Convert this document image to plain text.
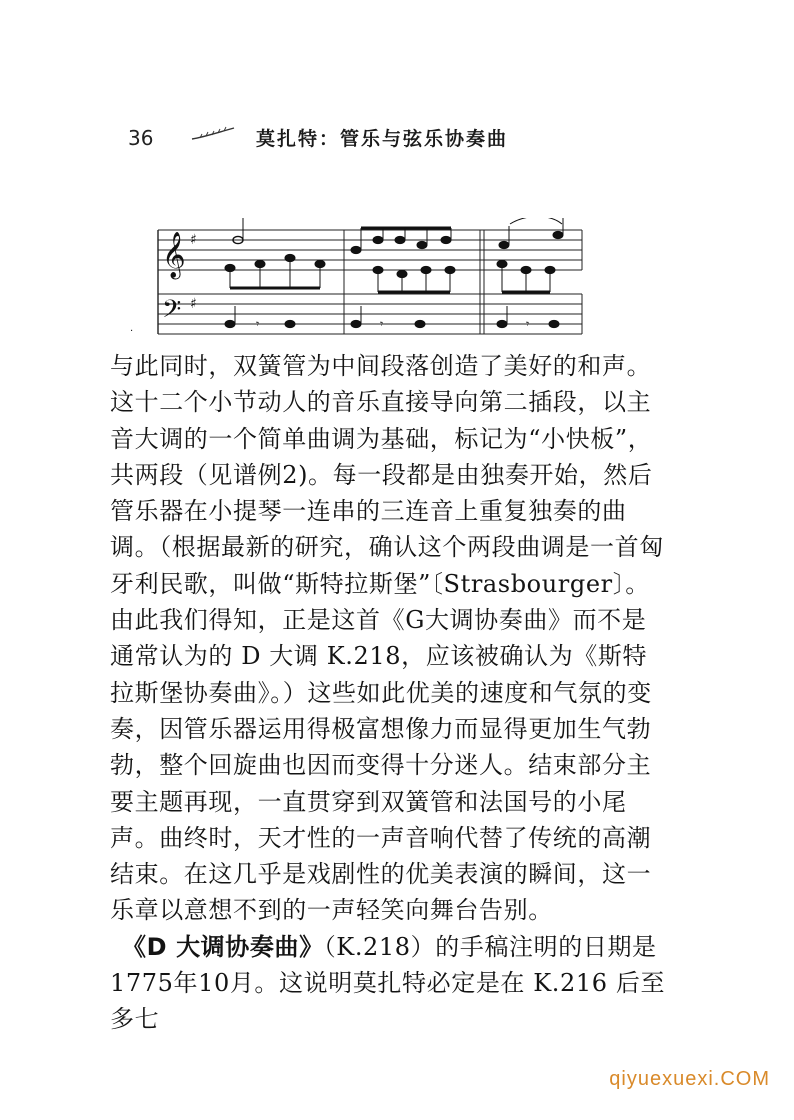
36	莫扎特：管乐与弦乐协奏曲
𝄞
𝄢
♯
♯
𝄾	𝄾	𝄾
·

与此同时，双簧管为中间段落创造了美好的和声。这十二个小节动人的音乐直接导向第二插段，以主音大调的一个简单曲调为基础，标记为“小快板”，共两段（见谱例2)。每一段都是由独奏开始，然后管乐器在小提琴一连串的三连音上重复独奏的曲调。（根据最新的研究，确认这个两段曲调是一首匈牙利民歌，叫做“斯特拉斯堡”〔Strasbourger〕。由此我们得知，正是这首《G大调协奏曲》而不是通常认为的 D 大调 K.218，应该被确认为《斯特拉斯堡协奏曲》。）这些如此优美的速度和气氛的变奏，因管乐器运用得极富想像力而显得更加生气勃勃，整个回旋曲也因而变得十分迷人。结束部分主要主题再现，一直贯穿到双簧管和法国号的小尾声。曲终时，天才性的一声音响代替了传统的高潮结束。在这几乎是戏剧性的优美表演的瞬间，这一乐章以意想不到的一声轻笑向舞台告别。

《D 大调协奏曲》（K.218）的手稿注明的日期是1775年10月。这说明莫扎特必定是在 K.216 后至多七

qiyuexuexi.COM
